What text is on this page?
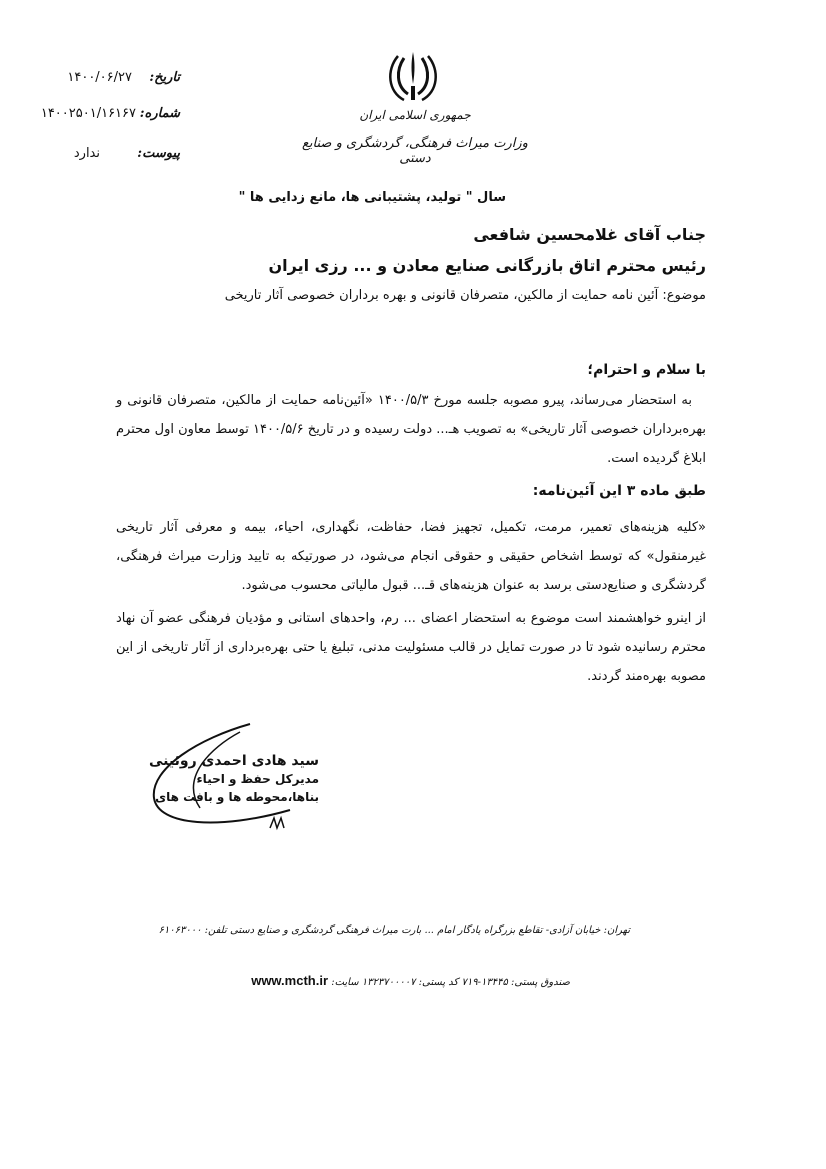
تاریخ:
۱۴۰۰/۰۶/۲۷
شماره:
۱۴۰۰۲۵۰۱/۱۶۱۶۷
پیوست:
ندارد
جمهوری اسلامی ایران
وزارت میراث فرهنگی، گردشگری و صنایع دستی
سال " تولید، پشتیبانی ها، مانع زدایی ها "
جناب آقای غلامحسین شافعی
رئیس محترم اتاق بازرگانی صنایع معادن و ... رزی ایران
موضوع: آئین نامه حمایت از مالکین، متصرفان قانونی و بهره برداران خصوصی آثار تاریخی
با سلام و احترام؛
به استحضار می‌رساند، پیرو مصوبه جلسه مورخ ۱۴۰۰/۵/۳ «آئین‌نامه حمایت از مالکین، متصرفان قانونی و بهره‌برداران خصوصی آثار تاریخی» به تصویب هـ... دولت رسیده و در تاریخ ۱۴۰۰/۵/۶ توسط معاون اول محترم ابلاغ گردیده است.
طبق ماده ۳ این آئین‌نامه:
«کلیه هزینه‌های تعمیر، مرمت، تکمیل، تجهیز فضا، حفاظت، نگهداری، احیاء، بیمه و معرفی آثار تاریخی غیرمنقول» که توسط اشخاص حقیقی و حقوقی انجام می‌شود، در صورتیکه به تایید وزارت میراث فرهنگی، گردشگری و صنایع‌دستی برسد به عنوان هزینه‌های قـ... قبول مالیاتی محسوب می‌شود.
از اینرو خواهشمند است موضوع به استحضار اعضای ... رم، واحدهای استانی و مؤدیان فرهنگی عضو آن نهاد محترم رسانیده شود تا در صورت تمایل در قالب مسئولیت مدنی، تبلیغ یا حتی بهره‌برداری از آثار تاریخی از این مصوبه بهره‌مند گردند.
سید هادی احمدی روئینی
مدیرکل حفظ و احیاء
بناها،محوطه ها و بافت های
تهران: خیابان آزادی- تقاطع بزرگراه یادگار امام ... بارت میراث فرهنگی گردشگری و صنایع دستی تلفن: ۶۱۰۶۳۰۰۰
صندوق پستی: ۱۳۴۴۵-۷۱۹ کد پستی: ۱۳۲۳۷۰۰۰۰۷ سایت: www.mcth.ir
